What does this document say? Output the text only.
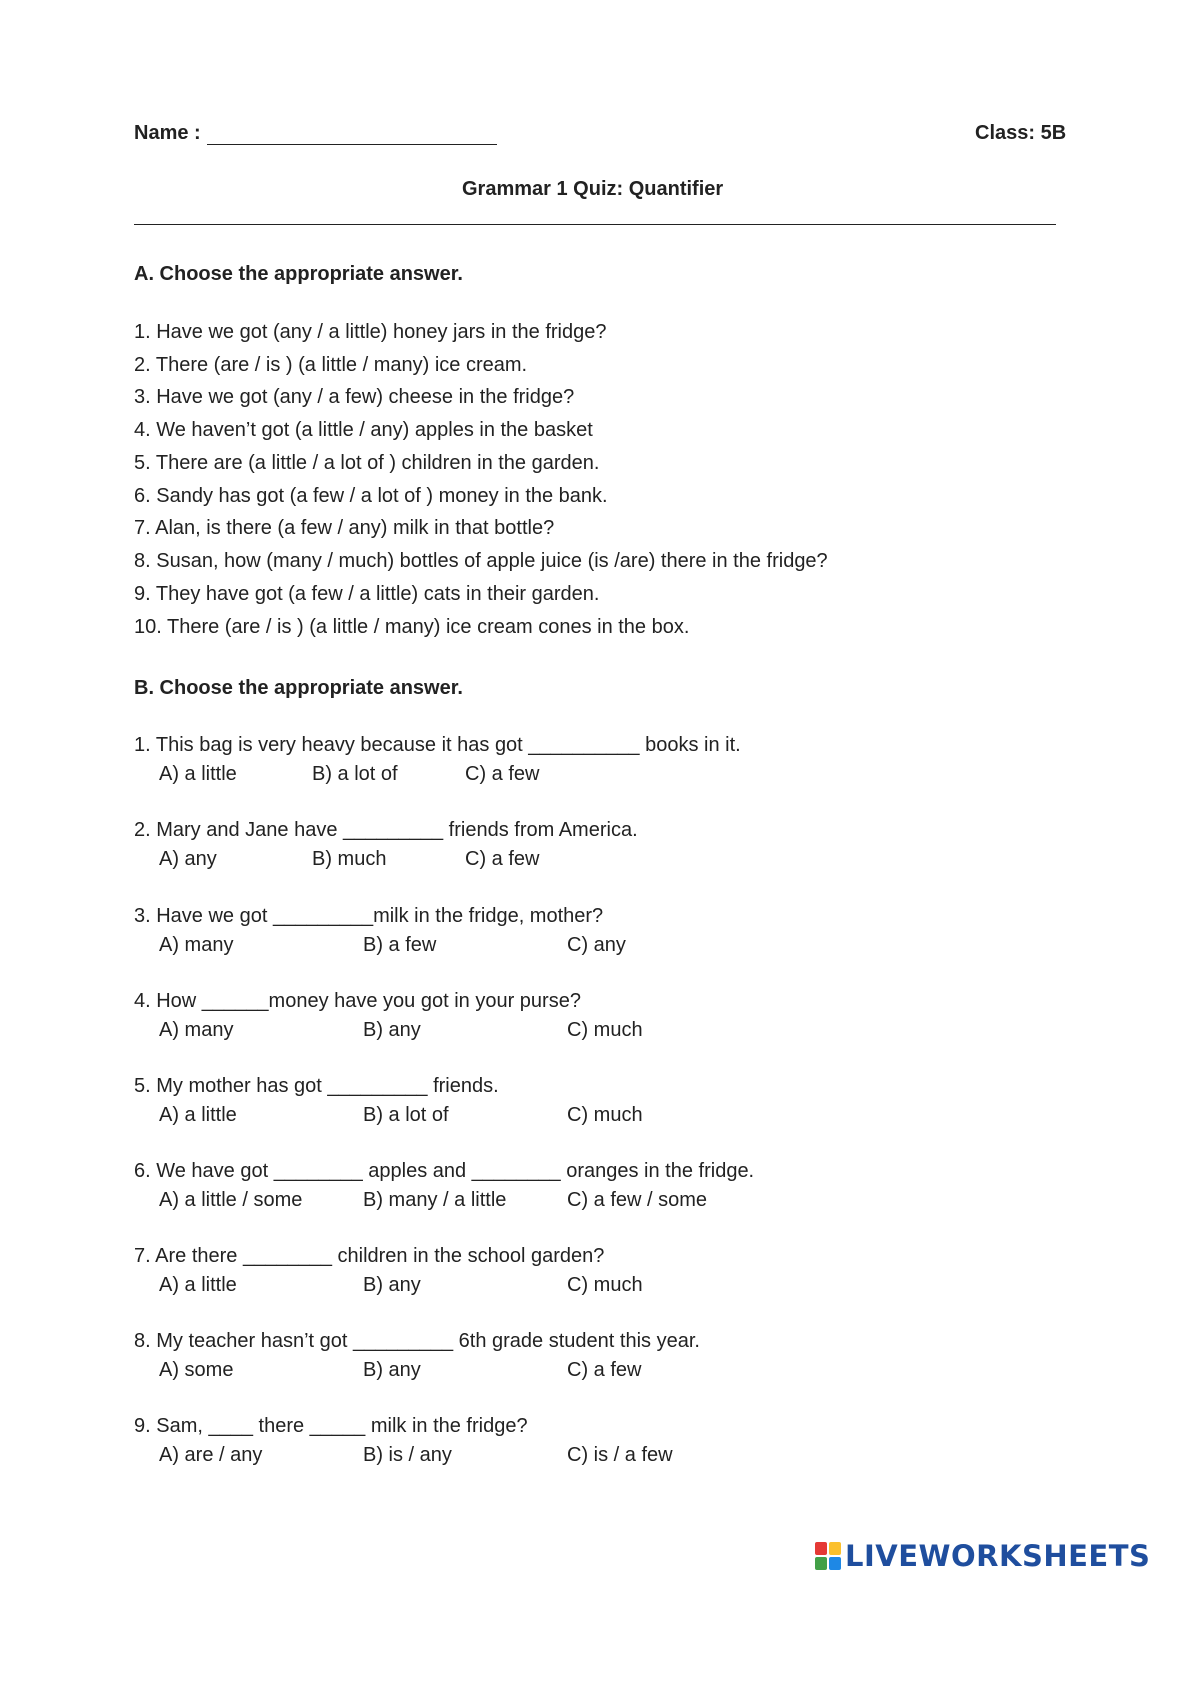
Name :	Class: 5B
Grammar 1 Quiz: Quantifier
A. Choose the appropriate answer.
1. Have we got (any / a little) honey jars in the fridge?
2. There (are / is ) (a little / many) ice cream.
3. Have we got (any / a few) cheese in the fridge?
4. We haven’t got (a little / any) apples in the basket
5. There are (a little / a lot of ) children in the garden.
6. Sandy has got (a few / a lot of ) money in the bank.
7. Alan, is there (a few / any) milk in that bottle?
8. Susan, how (many / much) bottles of apple juice (is /are) there in the fridge?
9. They have got (a few / a little) cats in their garden.
10. There (are / is ) (a little / many) ice cream cones in the box.
B. Choose the appropriate answer.
1. This bag is very heavy because it has got __________ books in it.
A) a little	B) a lot of	C) a few
2. Mary and Jane have _________ friends from America.
A) any	B) much	C) a few
3. Have we got _________milk in the fridge, mother?
A) many	B) a few	C) any
4. How ______money have you got in your purse?
A) many	B) any	C) much
5. My mother has got _________ friends.
A) a little	B) a lot of	C) much
6. We have got ________ apples and ________ oranges in the fridge.
A) a little / some	B) many / a little	C) a few / some
7. Are there ________ children in the school garden?
A) a little	B) any	C) much
8. My teacher hasn’t got _________ 6th grade student this year.
A) some	B) any	C) a few
9. Sam, ____ there _____ milk in the fridge?
A) are / any	B) is / any	C) is / a few
LIVEWORKSHEETS
